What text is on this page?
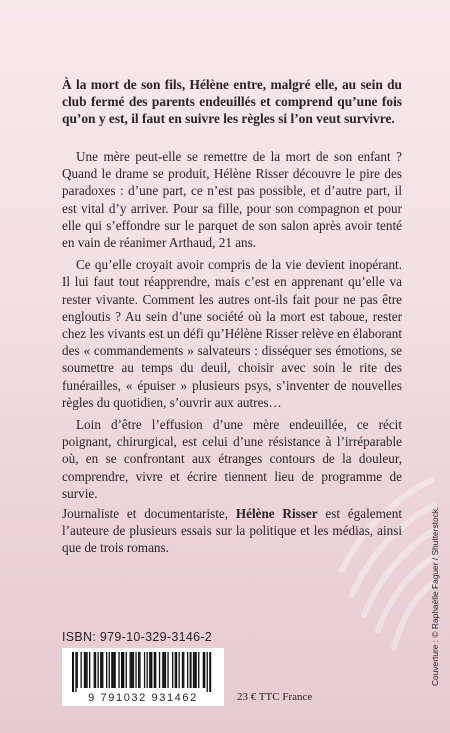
À la mort de son fils, Hélène entre, malgré elle, au sein du club fermé des parents endeuillés et comprend qu’une fois qu’on y est, il faut en suivre les règles si l’on veut survivre.

Une mère peut-elle se remettre de la mort de son enfant ? Quand le drame se produit, Hélène Risser découvre le pire des paradoxes : d’une part, ce n’est pas possible, et d’autre part, il est vital d’y arriver. Pour sa fille, pour son compagnon et pour elle qui s’effondre sur le parquet de son salon après avoir tenté en vain de réanimer Arthaud, 21 ans.

Ce qu’elle croyait avoir compris de la vie devient inopérant. Il lui faut tout réapprendre, mais c’est en apprenant qu’elle va rester vivante. Comment les autres ont-ils fait pour ne pas être engloutis ? Au sein d’une société où la mort est taboue, rester chez les vivants est un défi qu’Hélène Risser relève en élaborant des « commandements » salvateurs : disséquer ses émotions, se soumettre au temps du deuil, choisir avec soin le rite des funérailles, « épuiser » plusieurs psys, s’inventer de nouvelles règles du quotidien, s’ouvrir aux autres…

Loin d’être l’effusion d’une mère endeuillée, ce récit poignant, chirurgical, est celui d’une résistance à l’irréparable où, en se confrontant aux étranges contours de la douleur, comprendre, vivre et écrire tiennent lieu de programme de survie.

Journaliste et documentariste, Hélène Risser est également l’auteure de plusieurs essais sur la politique et les médias, ainsi que de trois romans.
ISBN: 979-10-329-3146-2
9 791032 931462	23 € TTC France
Couverture : © Raphaëlle Faguer / Shutterstock.
